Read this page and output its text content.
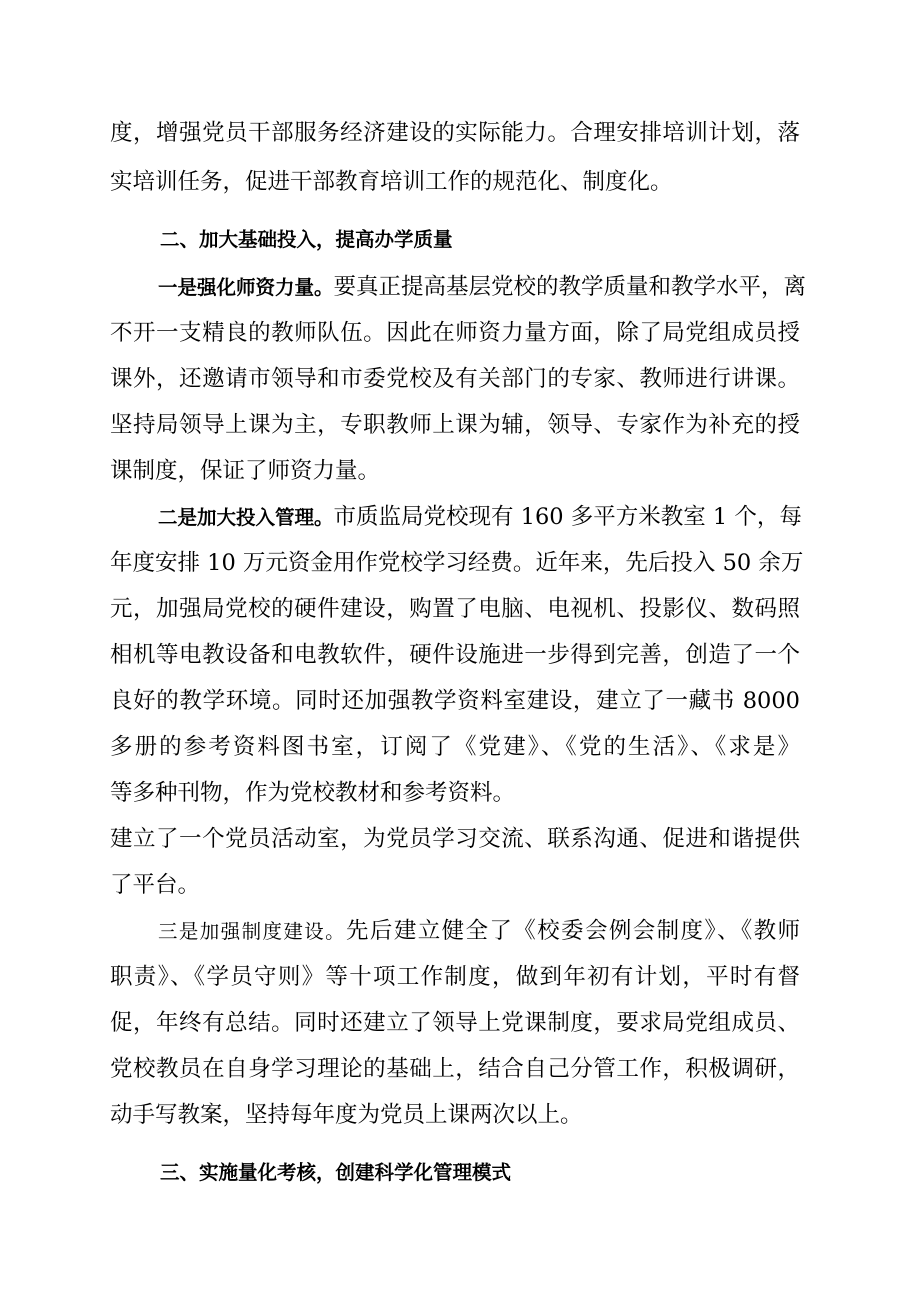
度，增强党员干部服务经济建设的实际能力。合理安排培训计划，落
实培训任务，促进干部教育培训工作的规范化、制度化。
二、加大基础投入，提高办学质量
一是强化师资力量。要真正提高基层党校的教学质量和教学水平，离
不开一支精良的教师队伍。因此在师资力量方面，除了局党组成员授
课外，还邀请市领导和市委党校及有关部门的专家、教师进行讲课。
坚持局领导上课为主，专职教师上课为辅，领导、专家作为补充的授
课制度，保证了师资力量。
二是加大投入管理。市质监局党校现有 160 多平方米教室 1 个，每
年度安排 10 万元资金用作党校学习经费。近年来，先后投入 50 余万
元，加强局党校的硬件建设，购置了电脑、电视机、投影仪、数码照
相机等电教设备和电教软件，硬件设施进一步得到完善，创造了一个
良好的教学环境。同时还加强教学资料室建设，建立了一藏书 8000
多册的参考资料图书室，订阅了《党建》、《党的生活》、《求是》
等多种刊物，作为党校教材和参考资料。
建立了一个党员活动室，为党员学习交流、联系沟通、促进和谐提供
了平台。
三是加强制度建设。先后建立健全了《校委会例会制度》、《教师
职责》、《学员守则》等十项工作制度，做到年初有计划，平时有督
促，年终有总结。同时还建立了领导上党课制度，要求局党组成员、
党校教员在自身学习理论的基础上，结合自己分管工作，积极调研，
动手写教案，坚持每年度为党员上课两次以上。
三、实施量化考核，创建科学化管理模式
